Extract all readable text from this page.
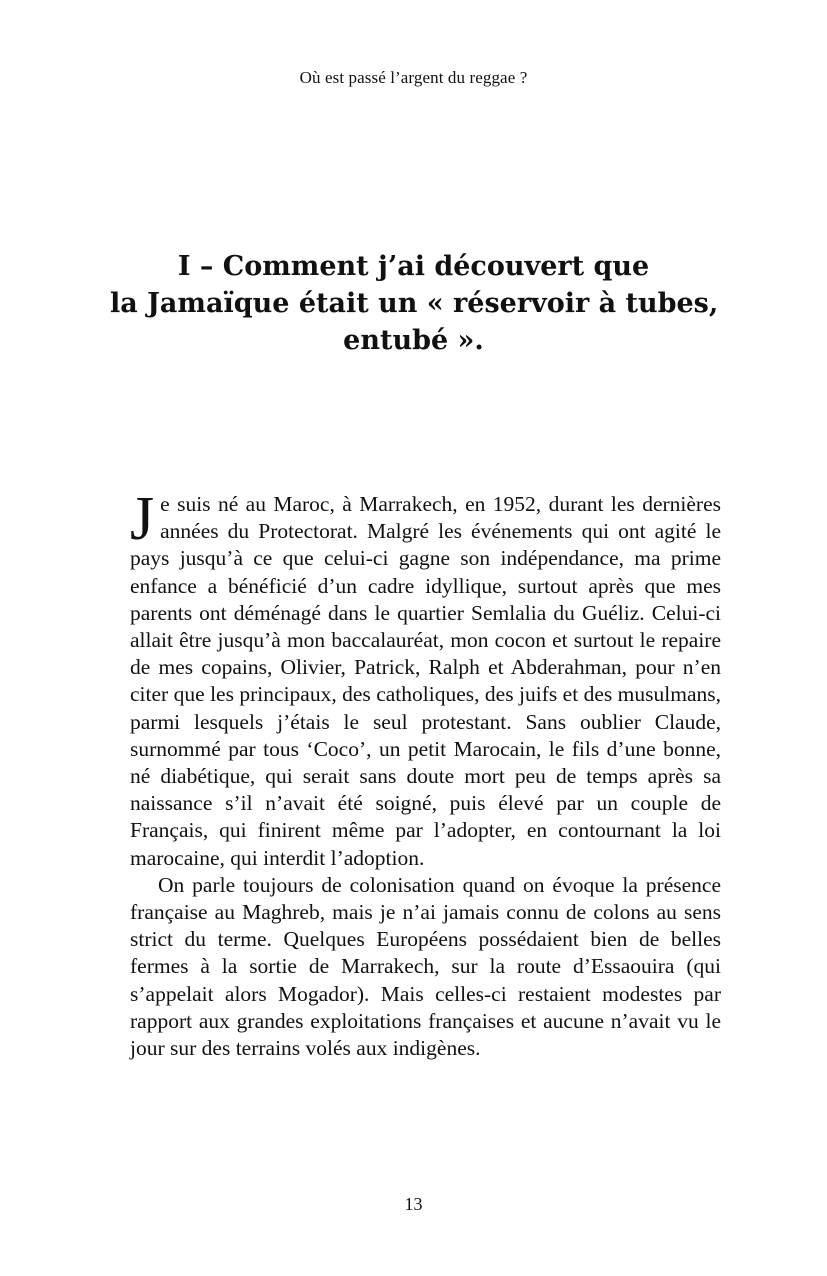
Où est passé l’argent du reggae ?
I – Comment j’ai découvert que
la Jamaïque était un « réservoir à tubes,
entubé ».

Je suis né au Maroc, à Marrakech, en 1952, durant les dernières années du Protectorat. Malgré les événements qui ont agité le pays jusqu’à ce que celui-ci gagne son indépendance, ma prime enfance a bénéficié d’un cadre idyllique, surtout après que mes parents ont déménagé dans le quartier Semlalia du Guéliz. Celui-ci allait être jusqu’à mon baccalauréat, mon cocon et surtout le repaire de mes copains, Olivier, Patrick, Ralph et Abderahman, pour n’en citer que les principaux, des catholiques, des juifs et des musulmans, parmi lesquels j’étais le seul protestant. Sans oublier Claude, surnommé par tous ‘Coco’, un petit Marocain, le fils d’une bonne, né diabétique, qui serait sans doute mort peu de temps après sa naissance s’il n’avait été soigné, puis élevé par un couple de Français, qui finirent même par l’adopter, en contournant la loi marocaine, qui interdit l’adoption.

On parle toujours de colonisation quand on évoque la présence française au Maghreb, mais je n’ai jamais connu de colons au sens strict du terme. Quelques Européens possédaient bien de belles fermes à la sortie de Marrakech, sur la route d’Essaouira (qui s’appelait alors Mogador). Mais celles-ci restaient modestes par rapport aux grandes exploitations françaises et aucune n’avait vu le jour sur des terrains volés aux indigènes.

13
